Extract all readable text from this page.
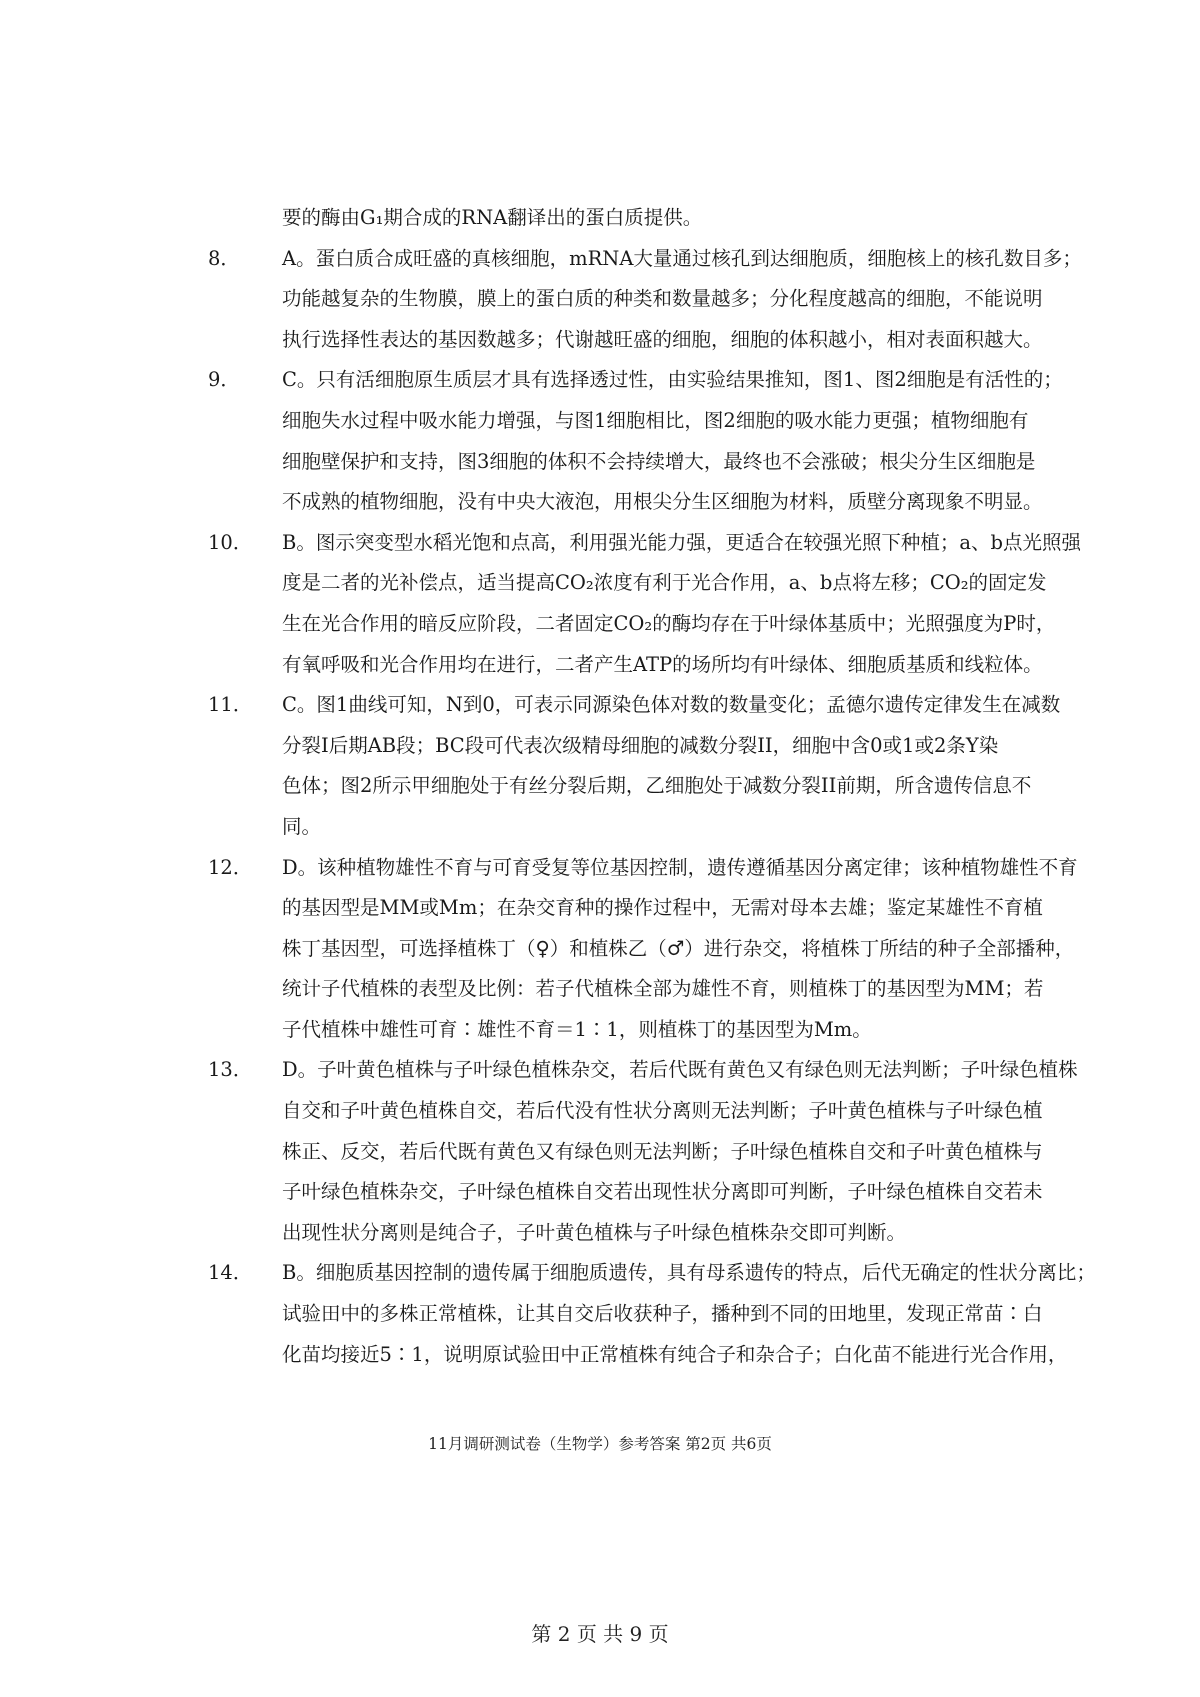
要的酶由G₁期合成的RNA翻译出的蛋白质提供。
8． A。蛋白质合成旺盛的真核细胞，mRNA大量通过核孔到达细胞质，细胞核上的核孔数目多；
功能越复杂的生物膜，膜上的蛋白质的种类和数量越多；分化程度越高的细胞，不能说明
执行选择性表达的基因数越多；代谢越旺盛的细胞，细胞的体积越小，相对表面积越大。
9． C。只有活细胞原生质层才具有选择透过性，由实验结果推知，图1、图2细胞是有活性的；
细胞失水过程中吸水能力增强，与图1细胞相比，图2细胞的吸水能力更强；植物细胞有
细胞壁保护和支持，图3细胞的体积不会持续增大，最终也不会涨破；根尖分生区细胞是
不成熟的植物细胞，没有中央大液泡，用根尖分生区细胞为材料，质壁分离现象不明显。
10． B。图示突变型水稻光饱和点高，利用强光能力强，更适合在较强光照下种植；a、b点光照强
度是二者的光补偿点，适当提高CO₂浓度有利于光合作用，a、b点将左移；CO₂的固定发
生在光合作用的暗反应阶段，二者固定CO₂的酶均存在于叶绿体基质中；光照强度为P时，
有氧呼吸和光合作用均在进行，二者产生ATP的场所均有叶绿体、细胞质基质和线粒体。
11． C。图1曲线可知，N到0，可表示同源染色体对数的数量变化；孟德尔遗传定律发生在减数
分裂Ⅰ后期AB段；BC段可代表次级精母细胞的减数分裂II，细胞中含0或1或2条Y染
色体；图2所示甲细胞处于有丝分裂后期，乙细胞处于减数分裂II前期，所含遗传信息不
同。
12． D。该种植物雄性不育与可育受复等位基因控制，遗传遵循基因分离定律；该种植物雄性不育
的基因型是MM或Mm；在杂交育种的操作过程中，无需对母本去雄；鉴定某雄性不育植
株丁基因型，可选择植株丁（♀）和植株乙（♂）进行杂交，将植株丁所结的种子全部播种，
统计子代植株的表型及比例：若子代植株全部为雄性不育，则植株丁的基因型为MM；若
子代植株中雄性可育∶雄性不育＝1∶1，则植株丁的基因型为Mm。
13． D。子叶黄色植株与子叶绿色植株杂交，若后代既有黄色又有绿色则无法判断；子叶绿色植株
自交和子叶黄色植株自交，若后代没有性状分离则无法判断；子叶黄色植株与子叶绿色植
株正、反交，若后代既有黄色又有绿色则无法判断；子叶绿色植株自交和子叶黄色植株与
子叶绿色植株杂交，子叶绿色植株自交若出现性状分离即可判断，子叶绿色植株自交若未
出现性状分离则是纯合子，子叶黄色植株与子叶绿色植株杂交即可判断。
14． B。细胞质基因控制的遗传属于细胞质遗传，具有母系遗传的特点，后代无确定的性状分离比；
试验田中的多株正常植株，让其自交后收获种子，播种到不同的田地里，发现正常苗∶白
化苗均接近5∶1，说明原试验田中正常植株有纯合子和杂合子；白化苗不能进行光合作用，
11月调研测试卷（生物学）参考答案 第2页 共6页
第 2 页 共 9 页
